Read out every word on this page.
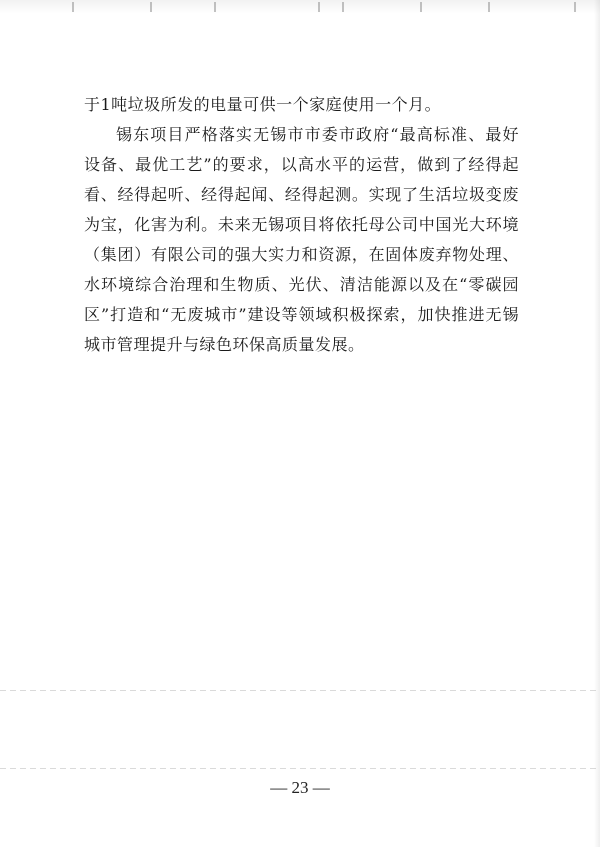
于1吨垃圾所发的电量可供一个家庭使用一个月。

锡东项目严格落实无锡市市委市政府“最高标准、最好设备、最优工艺”的要求，以高水平的运营，做到了经得起看、经得起听、经得起闻、经得起测。实现了生活垃圾变废为宝，化害为利。未来无锡项目将依托母公司中国光大环境（集团）有限公司的强大实力和资源，在固体废弃物处理、水环境综合治理和生物质、光伏、清洁能源以及在“零碳园区”打造和“无废城市”建设等领域积极探索，加快推进无锡城市管理提升与绿色环保高质量发展。

— 23 —
